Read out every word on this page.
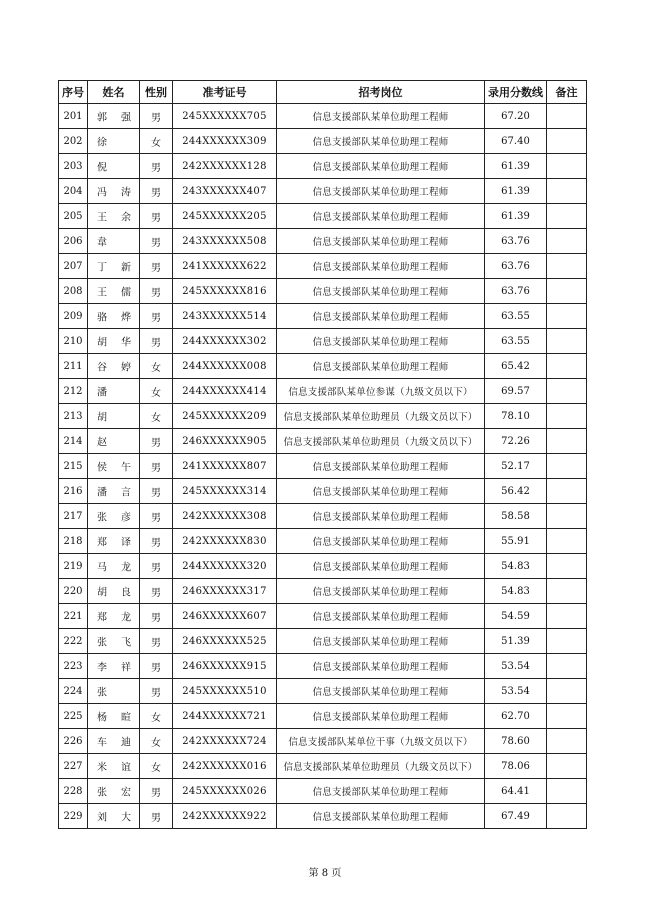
序号	姓名	性别	准考证号	招考岗位	录用分数线	备注
201	郭 强	男	245XXXXXX705	信息支援部队某单位助理工程师	67.20	
202	徐	女	244XXXXXX309	信息支援部队某单位助理工程师	67.40	
203	倪	男	242XXXXXX128	信息支援部队某单位助理工程师	61.39	
204	冯 涛	男	243XXXXXX407	信息支援部队某单位助理工程师	61.39	
205	王 余	男	245XXXXXX205	信息支援部队某单位助理工程师	61.39	
206	韋	男	243XXXXXX508	信息支援部队某单位助理工程师	63.76	
207	丁 新	男	241XXXXXX622	信息支援部队某单位助理工程师	63.76	
208	王 儒	男	245XXXXXX816	信息支援部队某单位助理工程师	63.76	
209	骆 烨	男	243XXXXXX514	信息支援部队某单位助理工程师	63.55	
210	胡 华	男	244XXXXXX302	信息支援部队某单位助理工程师	63.55	
211	谷 婷	女	244XXXXXX008	信息支援部队某单位助理工程师	65.42	
212	潘	女	244XXXXXX414	信息支援部队某单位参谋（九级文员以下）	69.57	
213	胡	女	245XXXXXX209	信息支援部队某单位助理员（九级文员以下）	78.10	
214	赵	男	246XXXXXX905	信息支援部队某单位助理员（九级文员以下）	72.26	
215	侯 午	男	241XXXXXX807	信息支援部队某单位助理工程师	52.17	
216	潘 言	男	245XXXXXX314	信息支援部队某单位助理工程师	56.42	
217	张 彦	男	242XXXXXX308	信息支援部队某单位助理工程师	58.58	
218	郑 译	男	242XXXXXX830	信息支援部队某单位助理工程师	55.91	
219	马 龙	男	244XXXXXX320	信息支援部队某单位助理工程师	54.83	
220	胡 良	男	246XXXXXX317	信息支援部队某单位助理工程师	54.83	
221	郑 龙	男	246XXXXXX607	信息支援部队某单位助理工程师	54.59	
222	张 飞	男	246XXXXXX525	信息支援部队某单位助理工程师	51.39	
223	李 祥	男	246XXXXXX915	信息支援部队某单位助理工程师	53.54	
224	张	男	245XXXXXX510	信息支援部队某单位助理工程师	53.54	
225	杨 暄	女	244XXXXXX721	信息支援部队某单位助理工程师	62.70	
226	车 迪	女	242XXXXXX724	信息支援部队某单位干事（九级文员以下）	78.60	
227	米 谊	女	242XXXXXX016	信息支援部队某单位助理员（九级文员以下）	78.06	
228	张 宏	男	245XXXXXX026	信息支援部队某单位助理工程师	64.41	
229	刘 大	男	242XXXXXX922	信息支援部队某单位助理工程师	67.49	
第 8 页
